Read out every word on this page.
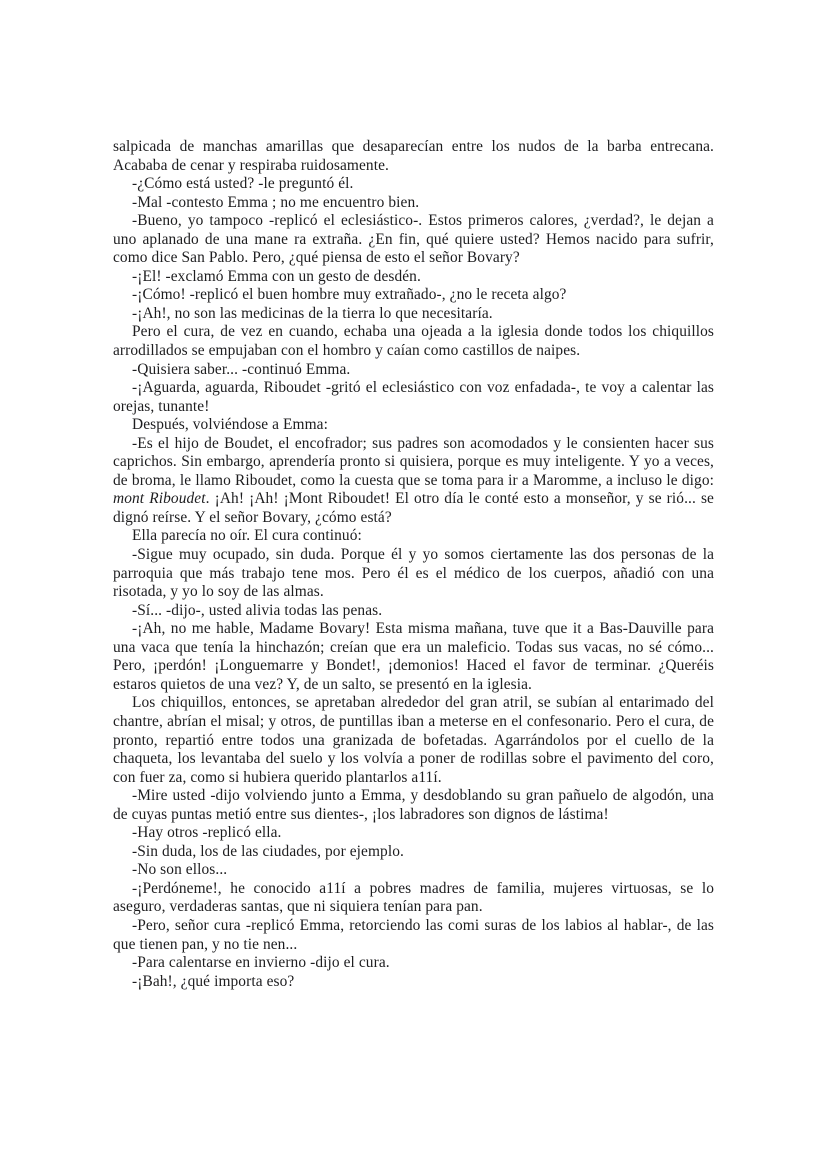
salpicada de manchas amarillas que desaparecían entre los nudos de la barba entrecana. Acababa de cenar y respiraba ruidosamente.

-¿Cómo está usted? -le preguntó él.

-Mal -contesto Emma ; no me encuentro bien.

-Bueno, yo tampoco -replicó el eclesiástico-. Estos primeros calores, ¿verdad?, le dejan a uno aplanado de una mane ra extraña. ¿En fin, qué quiere usted? Hemos nacido para sufrir, como dice San Pablo. Pero, ¿qué piensa de esto el señor Bovary?

-¡El! -exclamó Emma con un gesto de desdén.

-¡Cómo! -replicó el buen hombre muy extrañado-, ¿no le receta algo?

-¡Ah!, no son las medicinas de la tierra lo que necesitaría.

Pero el cura, de vez en cuando, echaba una ojeada a la iglesia donde todos los chiquillos arrodillados se empujaban con el hombro y caían como castillos de naipes.

-Quisiera saber... -continuó Emma.

-¡Aguarda, aguarda, Riboudet -gritó el eclesiástico con voz enfadada-, te voy a calentar las orejas, tunante!

Después, volviéndose a Emma:

-Es el hijo de Boudet, el encofrador; sus padres son acomodados y le consienten hacer sus caprichos. Sin embargo, aprendería pronto si quisiera, porque es muy inteligente. Y yo a veces, de broma, le llamo Riboudet, como la cuesta que se toma para ir a Maromme, a incluso le digo: mont Riboudet. ¡Ah! ¡Ah! ¡Mont Riboudet! El otro día le conté esto a monseñor, y se rió... se dignó reírse. Y el señor Bovary, ¿cómo está?

Ella parecía no oír. El cura continuó:

-Sigue muy ocupado, sin duda. Porque él y yo somos ciertamente las dos personas de la parroquia que más trabajo tene mos. Pero él es el médico de los cuerpos, añadió con una risotada, y yo lo soy de las almas.

-Sí... -dijo-, usted alivia todas las penas.

-¡Ah, no me hable, Madame Bovary! Esta misma mañana, tuve que it a Bas-Dauville para una vaca que tenía la hinchazón; creían que era un maleficio. Todas sus vacas, no sé cómo... Pero, ¡perdón! ¡Longuemarre y Bondet!, ¡demonios! Haced el favor de terminar. ¿Queréis estaros quietos de una vez? Y, de un salto, se presentó en la iglesia.

Los chiquillos, entonces, se apretaban alrededor del gran atril, se subían al entarimado del chantre, abrían el misal; y otros, de puntillas iban a meterse en el confesonario. Pero el cura, de pronto, repartió entre todos una granizada de bofetadas. Agarrándolos por el cuello de la chaqueta, los levantaba del suelo y los volvía a poner de rodillas sobre el pavimento del coro, con fuer za, como si hubiera querido plantarlos a11í.

-Mire usted -dijo volviendo junto a Emma, y desdoblando su gran pañuelo de algodón, una de cuyas puntas metió entre sus dientes-, ¡los labradores son dignos de lástima!

-Hay otros -replicó ella.

-Sin duda, los de las ciudades, por ejemplo.

-No son ellos...

-¡Perdóneme!, he conocido a11í a pobres madres de familia, mujeres virtuosas, se lo aseguro, verdaderas santas, que ni siquiera tenían para pan.

-Pero, señor cura -replicó Emma, retorciendo las comi suras de los labios al hablar-, de las que tienen pan, y no tie nen...

-Para calentarse en invierno -dijo el cura.

-¡Bah!, ¿qué importa eso?
